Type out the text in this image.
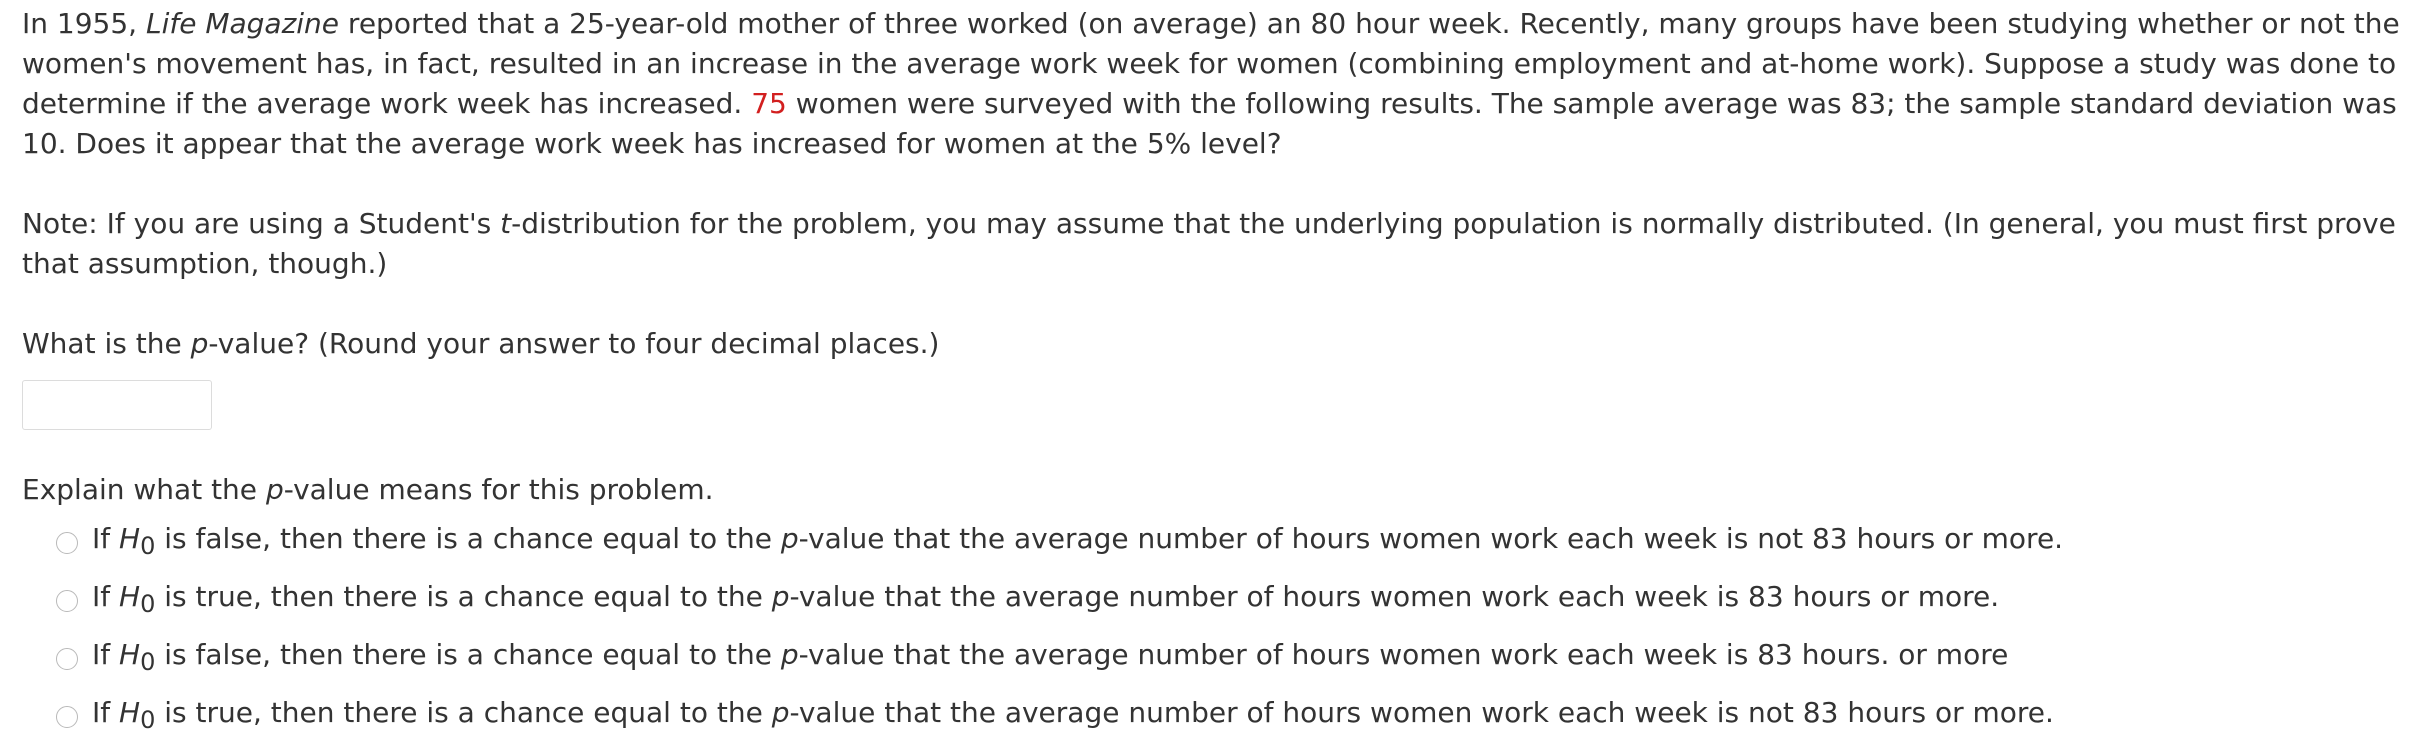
In 1955, Life Magazine reported that a 25-year-old mother of three worked (on average) an 80 hour week. Recently, many groups have been studying whether or not the women's movement has, in fact, resulted in an increase in the average work week for women (combining employment and at-home work). Suppose a study was done to determine if the average work week has increased. 75 women were surveyed with the following results. The sample average was 83; the sample standard deviation was 10. Does it appear that the average work week has increased for women at the 5% level?

Note: If you are using a Student's t-distribution for the problem, you may assume that the underlying population is normally distributed. (In general, you must first prove that assumption, though.)

What is the p-value? (Round your answer to four decimal places.)

Explain what the p-value means for this problem.

If $H_0$ is false, then there is a chance equal to the p-value that the average number of hours women work each week is not 83 hours or more.
If $H_0$ is true, then there is a chance equal to the p-value that the average number of hours women work each week is 83 hours or more.
If $H_0$ is false, then there is a chance equal to the p-value that the average number of hours women work each week is 83 hours. or more
If $H_0$ is true, then there is a chance equal to the p-value that the average number of hours women work each week is not 83 hours or more.
